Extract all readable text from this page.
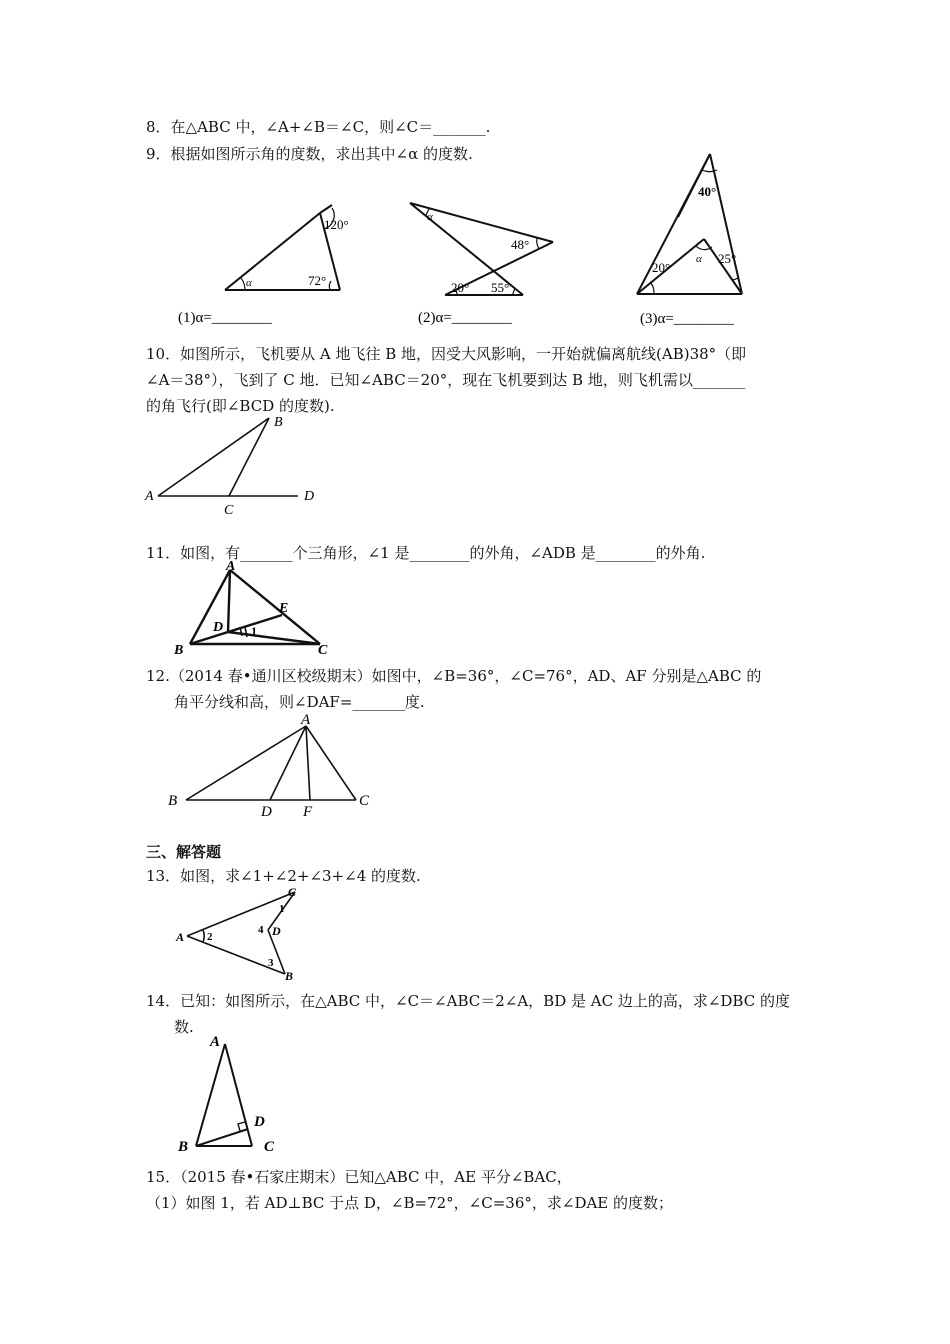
8．在△ABC 中，∠A+∠B＝∠C，则∠C＝_______.
9．根据如图所示角的度数，求出其中∠α 的度数.
120°
72°
α
(1)α=________
α
48°
20° 55°
(2)α=________
40°
20°
25°
α
(3)α=________
10．如图所示，飞机要从 A 地飞往 B 地，因受大风影响，一开始就偏离航线(AB)38°（即
∠A＝38°），飞到了 C 地．已知∠ABC＝20°，现在飞机要到达 B 地，则飞机需以_______
的角飞行(即∠BCD 的度数).
A
B
C
D
11．如图，有_______个三角形，∠1 是________的外角，∠ADB 是________的外角.
A
B	C
D
E
1
12.（2014 春•通川区校级期末）如图中，∠B=36°，∠C=76°，AD、AF 分别是△ABC 的
角平分线和高，则∠DAF=_______度.
A
B	C
D F
三、解答题
13．如图，求∠1+∠2+∠3+∠4 的度数.
C
A
B
D
1
2
3
4
14．已知：如图所示，在△ABC 中，∠C＝∠ABC＝2∠A，BD 是 AC 边上的高，求∠DBC 的度
数.
A
B	C
D
15．（2015 春•石家庄期末）已知△ABC 中，AE 平分∠BAC，
（1）如图 1，若 AD⊥BC 于点 D，∠B=72°，∠C=36°，求∠DAE 的度数；
